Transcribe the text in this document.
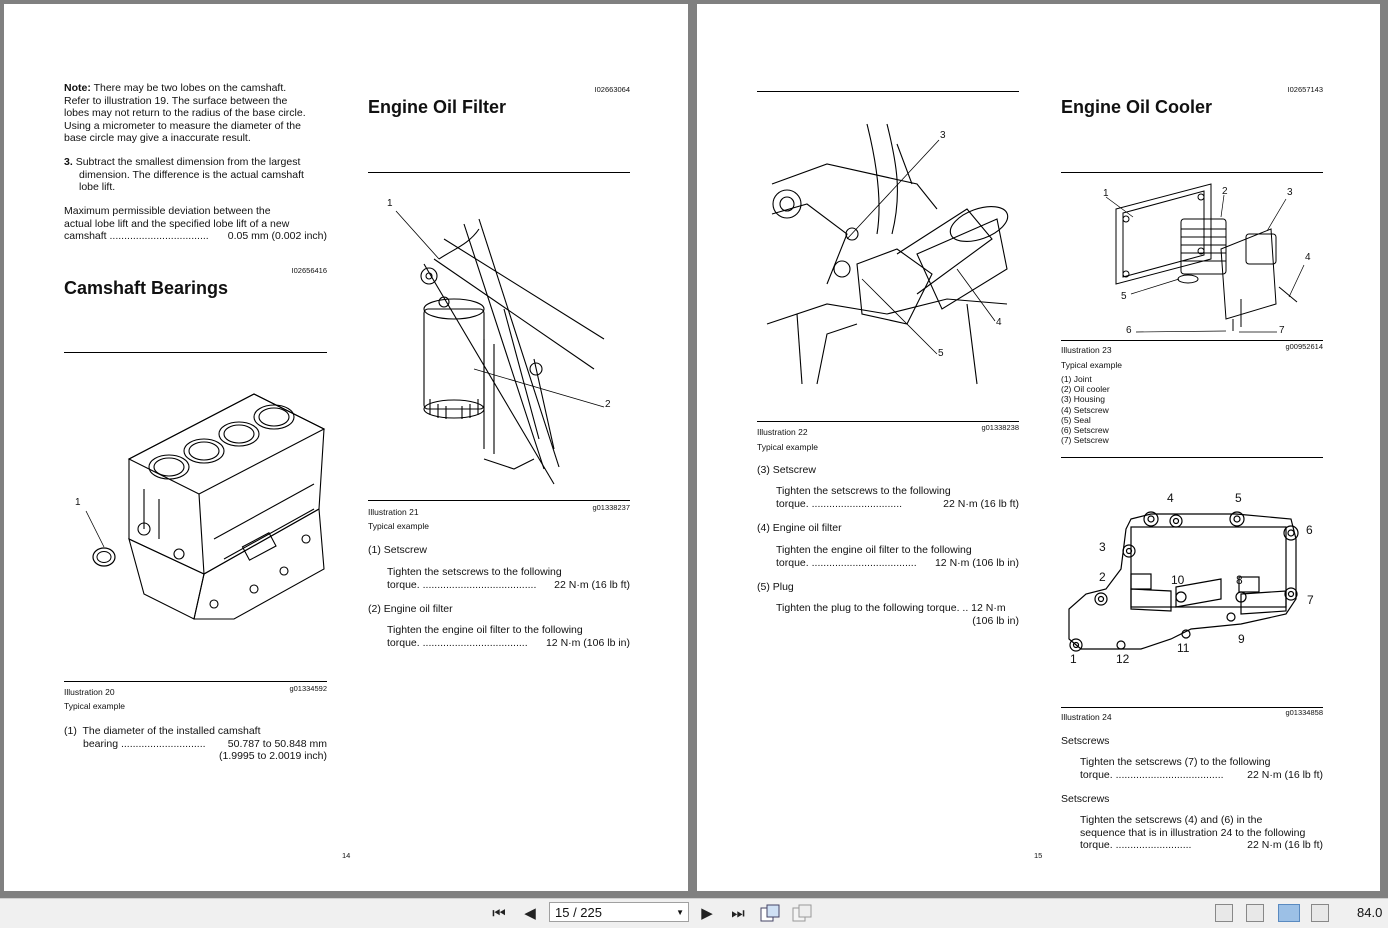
Note: There may be two lobes on the camshaft.
Refer to illustration 19. The surface between the
lobes may not return to the radius of the base circle.
Using a micrometer to measure the diameter of the
base circle may give a inaccurate result.
3. Subtract the smallest dimension from the largest
dimension. The difference is the actual camshaft
lobe lift.
Maximum permissible deviation between the
actual lobe lift and the specified lobe lift of a new
camshaft .................................. 0.05 mm (0.002 inch)
I02656416
Camshaft Bearings
1
Illustration 20	g01334592
Typical example
(1) The diameter of the installed camshaft
bearing ............................. 50.787 to 50.848 mm
(1.9995 to 2.0019 inch)
14
I02663064
Engine Oil Filter
1
2
Illustration 21	g01338237
Typical example
(1) Setscrew
Tighten the setscrews to the following
torque. ....................................... 22 N·m (16 lb ft)
(2) Engine oil filter
Tighten the engine oil filter to the following
torque. .................................... 12 N·m (106 lb in)
3
4
5
Illustration 22	g01338238
Typical example
(3) Setscrew
Tighten the setscrews to the following
torque. ...............................	22 N·m (16 lb ft)
(4) Engine oil filter
Tighten the engine oil filter to the following
torque. .................................... 12 N·m (106 lb in)
(5) Plug
Tighten the plug to the following torque. .. 12 N·m
(106 lb in)
15
I02657143
Engine Oil Cooler
1	2	3
4
5
6	7
Illustration 23	g00952614
Typical example
(1) Joint
(2) Oil cooler
(3) Housing
(4) Setscrew
(5) Seal
(6) Setscrew
(7) Setscrew
4	5
6
3
2	10	8
7
1	12
11
9
Illustration 24	g01334858
Setscrews
Tighten the setscrews (7) to the following
torque. ..................................... 22 N·m (16 lb ft)
Setscrews
Tighten the setscrews (4) and (6) in the
sequence that is in illustration 24 to the following
torque. ..........................	22 N·m (16 lb ft)
⏮	◀	15 / 225	▼	▶	⏭	84.0
